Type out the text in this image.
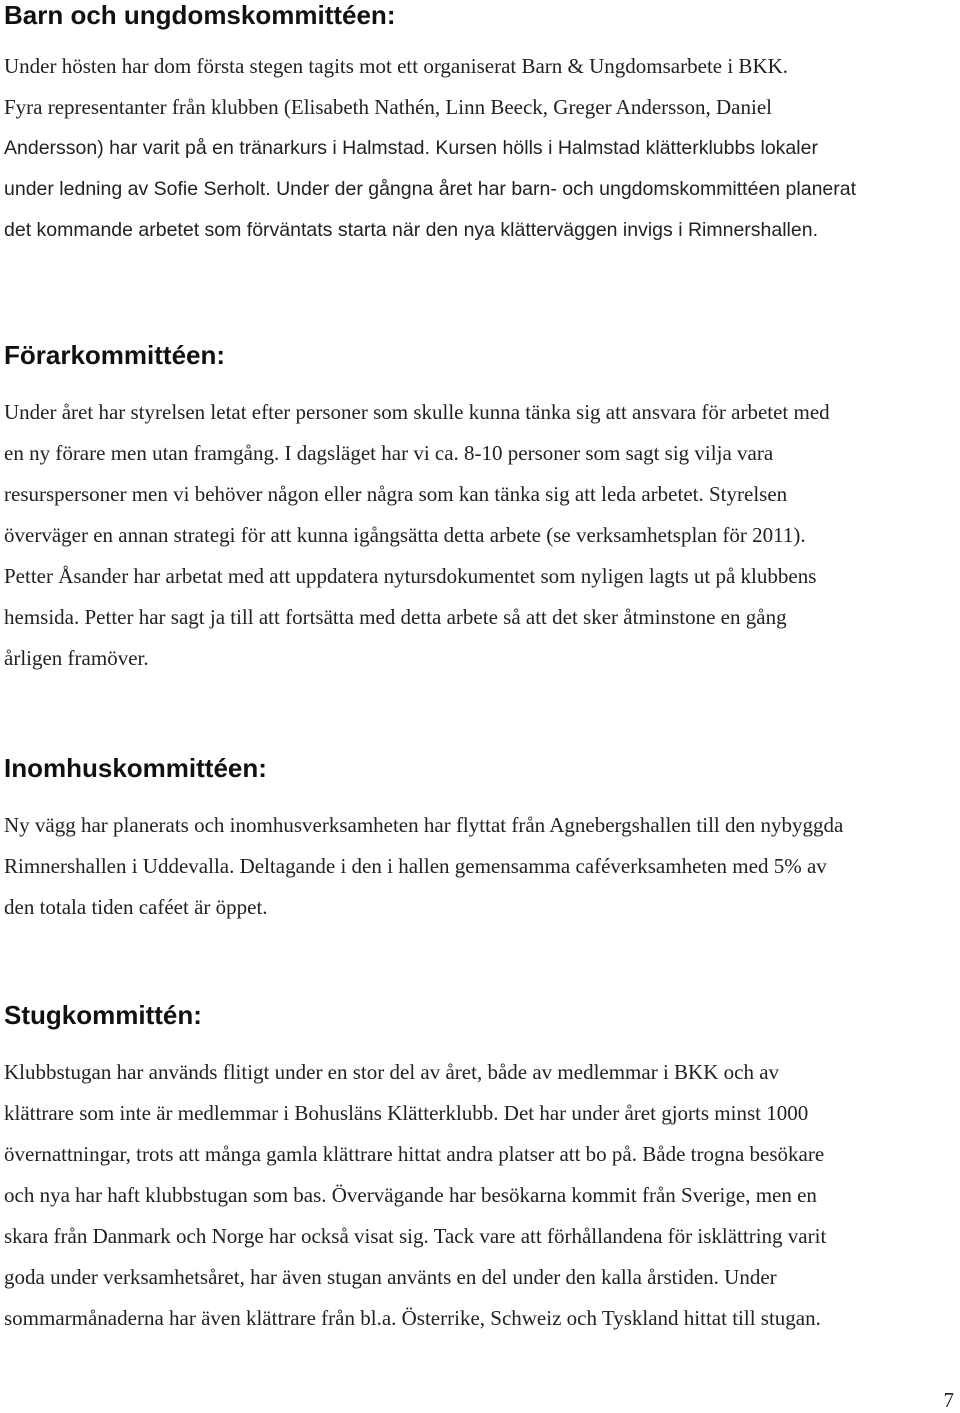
Barn och ungdomskommittéen:
Under hösten har dom första stegen tagits mot ett organiserat Barn & Ungdomsarbete i BKK.
Fyra representanter från klubben (Elisabeth Nathén, Linn Beeck, Greger Andersson, Daniel
Andersson) har varit på en tränarkurs i Halmstad. Kursen hölls i Halmstad klätterklubbs lokaler
under ledning av Sofie Serholt. Under der gångna året har barn- och ungdomskommittéen planerat
det kommande arbetet som förväntats starta när den nya klätterväggen invigs i Rimnershallen.
Förarkommittéen:
Under året har styrelsen letat efter personer som skulle kunna tänka sig att ansvara för arbetet med
en ny förare men utan framgång. I dagsläget har vi ca. 8-10 personer som sagt sig vilja vara
resurspersoner men vi behöver någon eller några som kan tänka sig att leda arbetet. Styrelsen
överväger en annan strategi för att kunna igångsätta detta arbete (se verksamhetsplan för 2011).
Petter Åsander har arbetat med att uppdatera nytursdokumentet som nyligen lagts ut på klubbens
hemsida. Petter har sagt ja till att fortsätta med detta arbete så att det sker åtminstone en gång
årligen framöver.
Inomhuskommittéen:
Ny vägg har planerats och inomhusverksamheten har flyttat från Agnebergshallen till den nybyggda
Rimnershallen i Uddevalla. Deltagande i den i hallen gemensamma caféverksamheten med 5% av
den totala tiden caféet är öppet.
Stugkommittén:
Klubbstugan har används flitigt under en stor del av året, både av medlemmar i BKK och av
klättrare som inte är medlemmar i Bohusläns Klätterklubb. Det har under året gjorts minst 1000
övernattningar, trots att många gamla klättrare hittat andra platser att bo på. Både trogna besökare
och nya har haft klubbstugan som bas. Övervägande har besökarna kommit från Sverige, men en
skara från Danmark och Norge har också visat sig. Tack vare att förhållandena för isklättring varit
goda under verksamhetsåret, har även stugan använts en del under den kalla årstiden. Under
sommarmånaderna har även klättrare från bl.a. Österrike, Schweiz och Tyskland hittat till stugan.
7
